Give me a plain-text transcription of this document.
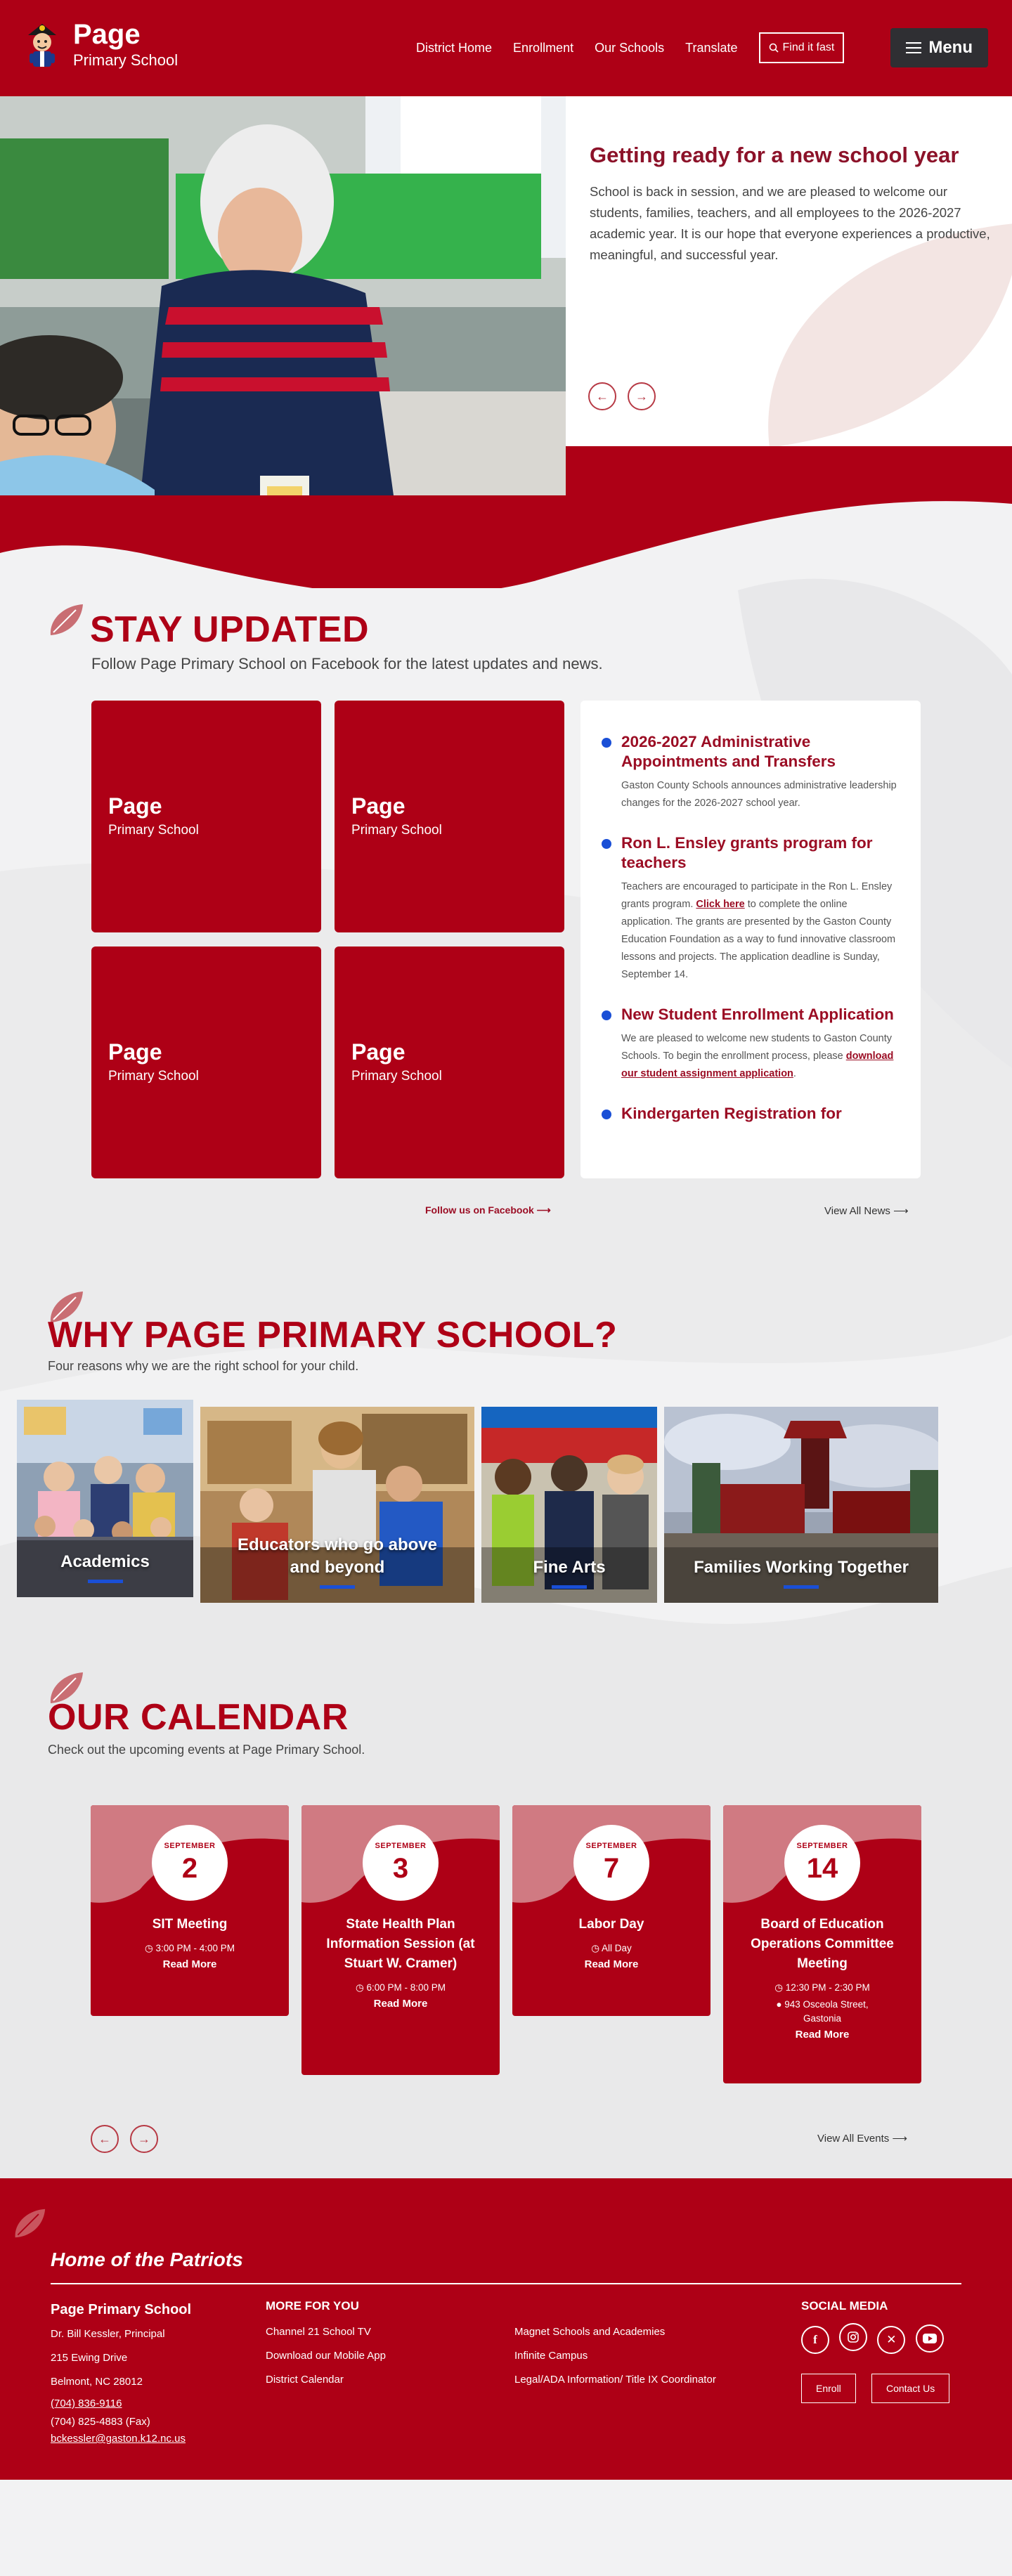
Page
Primary School
District Home Enrollment Our Schools Translate	Find it fast	Menu
Getting ready for a new school year

School is back in session, and we are pleased to welcome our students, families, teachers, and all employees to the 2026-2027 academic year. It is our hope that everyone experiences a productive, meaningful, and successful year.

← →
STAY UPDATED
Follow Page Primary School on Facebook for the latest updates and news.
Page
Primary School
Page
Primary School
Page
Primary School
Page
Primary School
2026-2027 Administrative Appointments and Transfers

Gaston County Schools announces administrative leadership changes for the 2026-2027 school year.

Ron L. Ensley grants program for teachers

Teachers are encouraged to participate in the Ron L. Ensley grants program. Click here to complete the online application. The grants are presented by the Gaston County Education Foundation as a way to fund innovative classroom lessons and projects. The application deadline is Sunday, September 14.

New Student Enrollment Application

We are pleased to welcome new students to Gaston County Schools. To begin the enrollment process, please download our student assignment application.

Kindergarten Registration for
Follow us on Facebook ⟶	View All News ⟶
WHY PAGE PRIMARY SCHOOL?
Four reasons why we are the right school for your child.
Academics
Educators who go above and beyond	Fine Arts	Families Working Together
OUR CALENDAR
Check out the upcoming events at Page Primary School.
SEPTEMBER
2
SIT Meeting
◷ 3:00 PM - 4:00 PM
Read More
SEPTEMBER
3
State Health Plan Information Session (at Stuart W. Cramer)
◷ 6:00 PM - 8:00 PM
Read More
SEPTEMBER
7
Labor Day
◷ All Day
Read More
SEPTEMBER
14
Board of Education Operations Committee Meeting
◷ 12:30 PM - 2:30 PM
● 943 Osceola Street, Gastonia
Read More
← →	View All Events ⟶
Home of the Patriots
Page Primary School
Dr. Bill Kessler, Principal
215 Ewing Drive
Belmont, NC 28012
(704) 836-9116
(704) 825-4883 (Fax)
bckessler@gaston.k12.nc.us
MORE FOR YOU
Channel 21 School TV
Download our Mobile App
District Calendar
Magnet Schools and Academies
Infinite Campus
Legal/ADA Information/ Title IX Coordinator
SOCIAL MEDIA
f	✕
Enroll	Contact Us
